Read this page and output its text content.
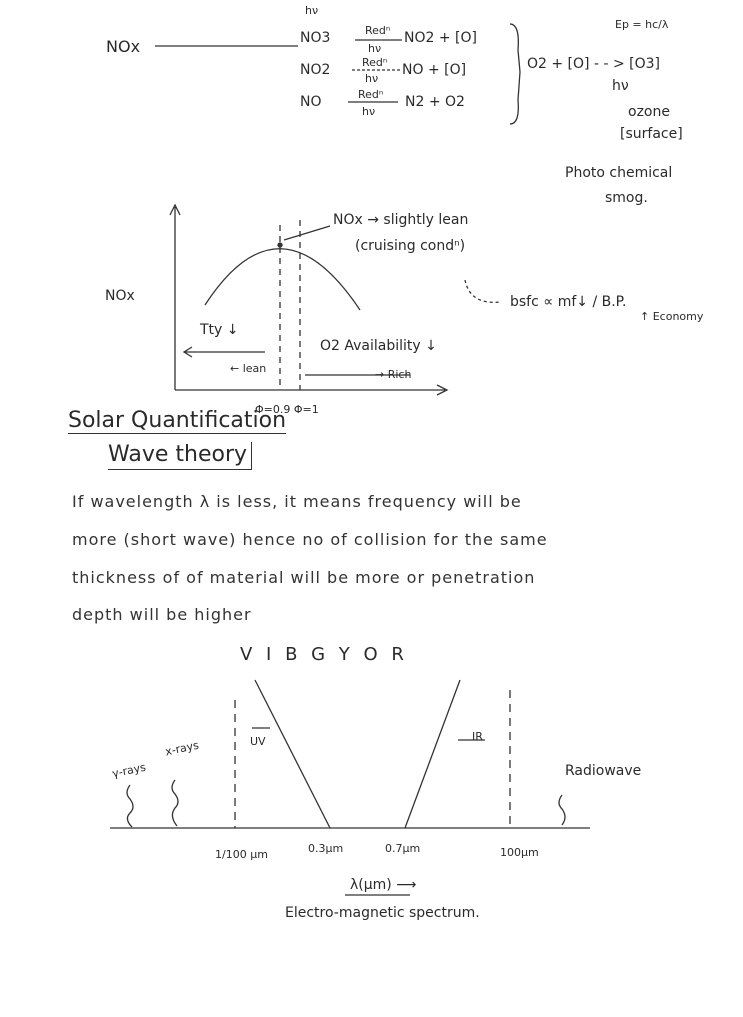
NOx
hν
NO3	Redⁿ
hν
NO2 + [O]
NO2	Redⁿ
hν
NO + [O]
NO	Redⁿ
hν
N2 + O2
O2 + [O] - - > [O3]
hν
Ep = hc/λ
ozone
[surface]
Photo chemical
smog.
NOx
NOx → slightly lean
(cruising condⁿ)
Tty ↓
O2 Availability ↓
← lean	→ Rich
Φ=0.9 Φ=1
bsfc ∝ mf↓ / B.P.
↑ Economy
Solar Quantification
Wave theory
If wavelength λ is less, it means frequency will be
more (short wave) hence no of collision for the same
thickness of of material will be more or penetration
depth will be higher
V I B G Y O R
UV	IR
γ-rays
x-rays
Radiowave
1/100 μm	0.3μm	0.7μm	100μm
λ(μm) ⟶
Electro-magnetic spectrum.
